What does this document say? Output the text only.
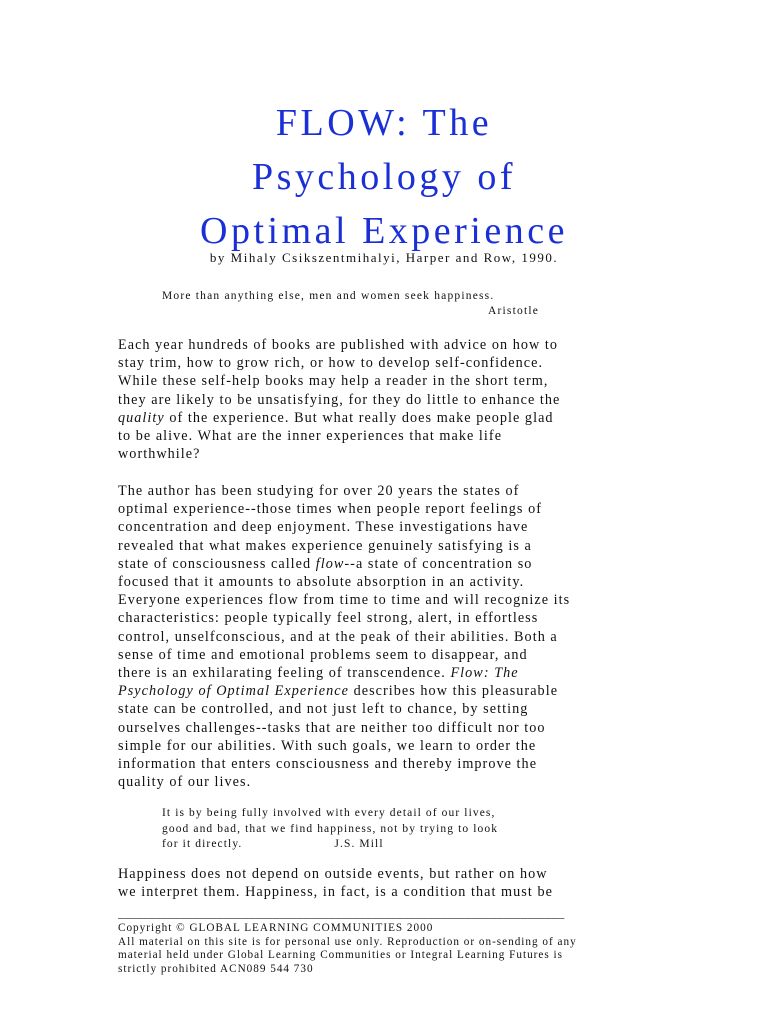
FLOW: The
Psychology of
Optimal Experience
by Mihaly Csikszentmihalyi, Harper and Row, 1990.
More than anything else, men and women seek happiness.
Aristotle
Each year hundreds of books are published with advice on how to
stay trim, how to grow rich, or how to develop self-confidence.
While these self-help books may help a reader in the short term,
they are likely to be unsatisfying, for they do little to enhance the
quality of the experience. But what really does make people glad
to be alive. What are the inner experiences that make life
worthwhile?
The author has been studying for over 20 years the states of
optimal experience--those times when people report feelings of
concentration and deep enjoyment. These investigations have
revealed that what makes experience genuinely satisfying is a
state of consciousness called flow--a state of concentration so
focused that it amounts to absolute absorption in an activity.
Everyone experiences flow from time to time and will recognize its
characteristics: people typically feel strong, alert, in effortless
control, unselfconscious, and at the peak of their abilities. Both a
sense of time and emotional problems seem to disappear, and
there is an exhilarating feeling of transcendence. Flow: The
Psychology of Optimal Experience describes how this pleasurable
state can be controlled, and not just left to chance, by setting
ourselves challenges--tasks that are neither too difficult nor too
simple for our abilities. With such goals, we learn to order the
information that enters consciousness and thereby improve the
quality of our lives.
It is by being fully involved with every detail of our lives,
good and bad, that we find happiness, not by trying to look
for it directly.	J.S. Mill
Happiness does not depend on outside events, but rather on how
we interpret them. Happiness, in fact, is a condition that must be
________________________________________________________________________
Copyright © GLOBAL LEARNING COMMUNITIES 2000
All material on this site is for personal use only. Reproduction or on-sending of any
material held under Global Learning Communities or Integral Learning Futures is
strictly prohibited ACN089 544 730
